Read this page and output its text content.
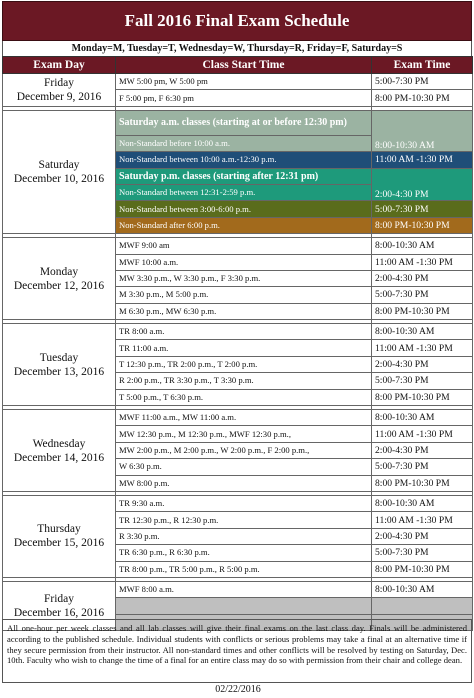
Fall 2016 Final Exam Schedule
Monday=M, Tuesday=T, Wednesday=W, Thursday=R, Friday=F, Saturday=S
Exam Day	Class Start Time	Exam Time
Friday
December 9, 2016	MW 5:00 pm, W 5:00 pm	5:00-7:30 PM
	F 5:00 pm, F 6:30 pm	8:00 PM-10:30 PM

Saturday
December 10, 2016	Saturday a.m. classes (starting at or before 12:30 pm)	8:00-10:30 AM
	Non-Standard before 10:00 a.m.	
	Non-Standard between 10:00 a.m.-12:30 p.m.	11:00 AM -1:30 PM
	Saturday p.m. classes (starting after 12:31 pm)	2:00-4:30 PM
	Non-Standard between 12:31-2:59 p.m.	
	Non-Standard between 3:00-6:00 p.m.	5:00-7:30 PM
	Non-Standard after 6:00 p.m.	8:00 PM-10:30 PM

Monday
December 12, 2016	MWF 9:00 am	8:00-10:30 AM
	MWF 10:00 a.m.	11:00 AM -1:30 PM
	MW 3:30 p.m., W 3:30 p.m., F 3:30 p.m.	2:00-4:30 PM
	M 3:30 p.m., M 5:00 p.m.	5:00-7:30 PM
	M 6:30 p.m., MW 6:30 p.m.	8:00 PM-10:30 PM

Tuesday
December 13, 2016	TR 8:00 a.m.	8:00-10:30 AM
	TR 11:00 a.m.	11:00 AM -1:30 PM
	T 12:30 p.m., TR 2:00 p.m., T 2:00 p.m.	2:00-4:30 PM
	R 2:00 p.m., TR 3:30 p.m., T 3:30 p.m.	5:00-7:30 PM
	T 5:00 p.m., T 6:30 p.m.	8:00 PM-10:30 PM

Wednesday
December 14, 2016	MWF 11:00 a.m., MW 11:00 a.m.	8:00-10:30 AM
	MW 12:30 p.m., M 12:30 p.m., MWF 12:30 p.m.,	11:00 AM -1:30 PM
	MW 2:00 p.m., M 2:00 p.m., W 2:00 p.m., F 2:00 p.m.,	2:00-4:30 PM
	W 6:30 p.m.	5:00-7:30 PM
	MW 8:00 p.m.	8:00 PM-10:30 PM

Thursday
December 15, 2016	TR 9:30 a.m.	8:00-10:30 AM
	TR 12:30 p.m., R 12:30 p.m.	11:00 AM -1:30 PM
	R 3:30 p.m.	2:00-4:30 PM
	TR 6:30 p.m., R 6:30 p.m.	5:00-7:30 PM
	TR 8:00 p.m., TR 5:00 p.m., R 5:00 p.m.	8:00 PM-10:30 PM

Friday
December 16, 2016	MWF 8:00 a.m.	8:00-10:30 AM

All one-hour per week classes and all lab classes will give their final exams on the last class day. Finals will be administered according to the published schedule. Individual students with conflicts or serious problems may take a final at an alternative time if they secure permission from their instructor. All non-standard times and other conflicts will be resolved by testing on Saturday, Dec. 10th. Faculty who wish to change the time of a final for an entire class may do so with permission from their chair and college dean.
02/22/2016
